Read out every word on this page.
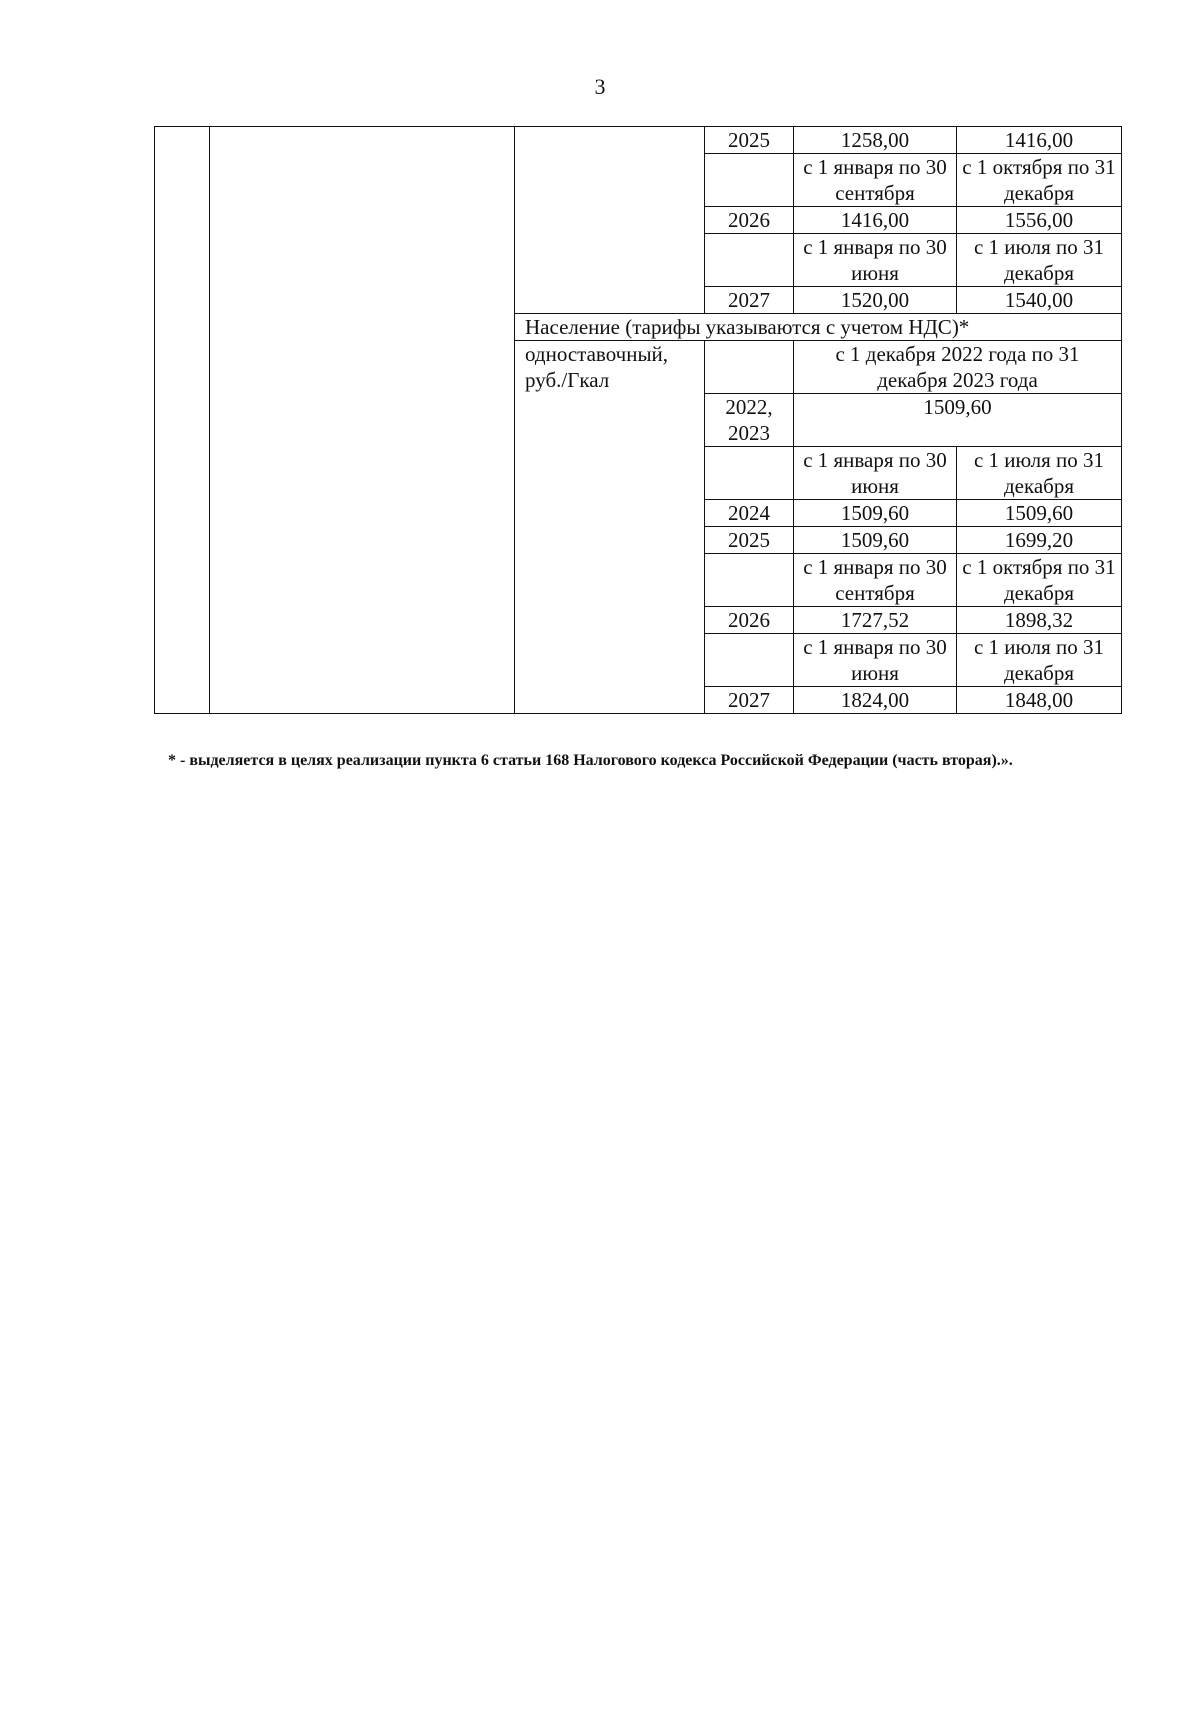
3
			2025	1258,00	1416,00
				с 1 января по 30 сентября	с 1 октября по 31 декабря
			2026	1416,00	1556,00
				с 1 января по 30 июня	с 1 июля по 31 декабря
			2027	1520,00	1540,00
		Население (тарифы указываются с учетом НДС)*			
		одноставочный, руб./Гкал		с 1 декабря 2022 года по 31 декабря 2023 года	
			2022, 2023	1509,60	
				с 1 января по 30 июня	с 1 июля по 31 декабря
			2024	1509,60	1509,60
			2025	1509,60	1699,20
				с 1 января по 30 сентября	с 1 октября по 31 декабря
			2026	1727,52	1898,32
				с 1 января по 30 июня	с 1 июля по 31 декабря
			2027	1824,00	1848,00
* - выделяется в целях реализации пункта 6 статьи 168 Налогового кодекса Российской Федерации (часть вторая).».
